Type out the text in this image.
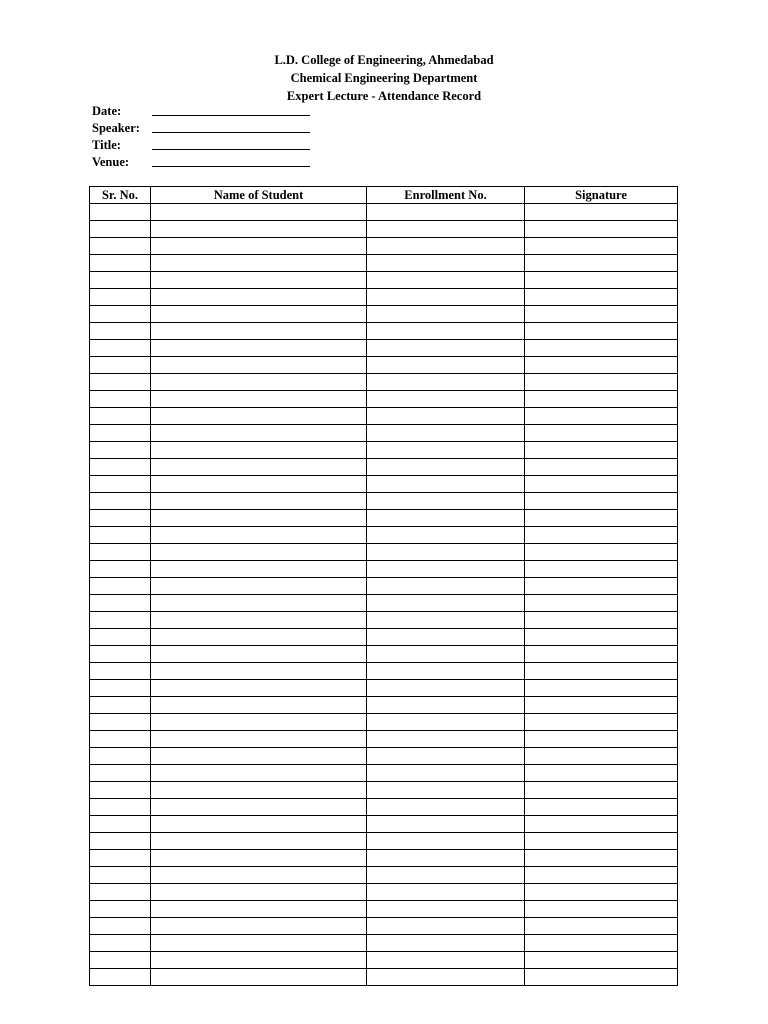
L.D. College of Engineering, Ahmedabad
Chemical Engineering Department
Expert Lecture - Attendance Record
Date:
Speaker:
Title:
Venue:
Sr. No.	Name of Student	Enrollment No.	Signature
